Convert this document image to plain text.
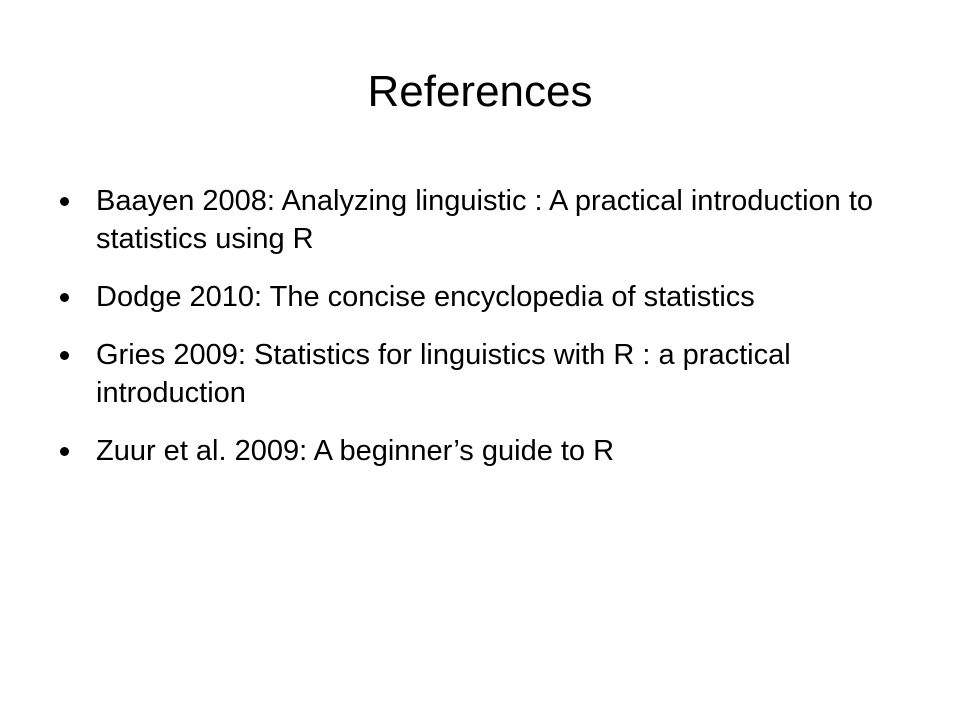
References
Baayen 2008: Analyzing linguistic : A practical introduction to statistics using R
Dodge 2010: The concise encyclopedia of statistics
Gries 2009: Statistics for linguistics with R : a practical introduction
Zuur et al. 2009: A beginner’s guide to R
